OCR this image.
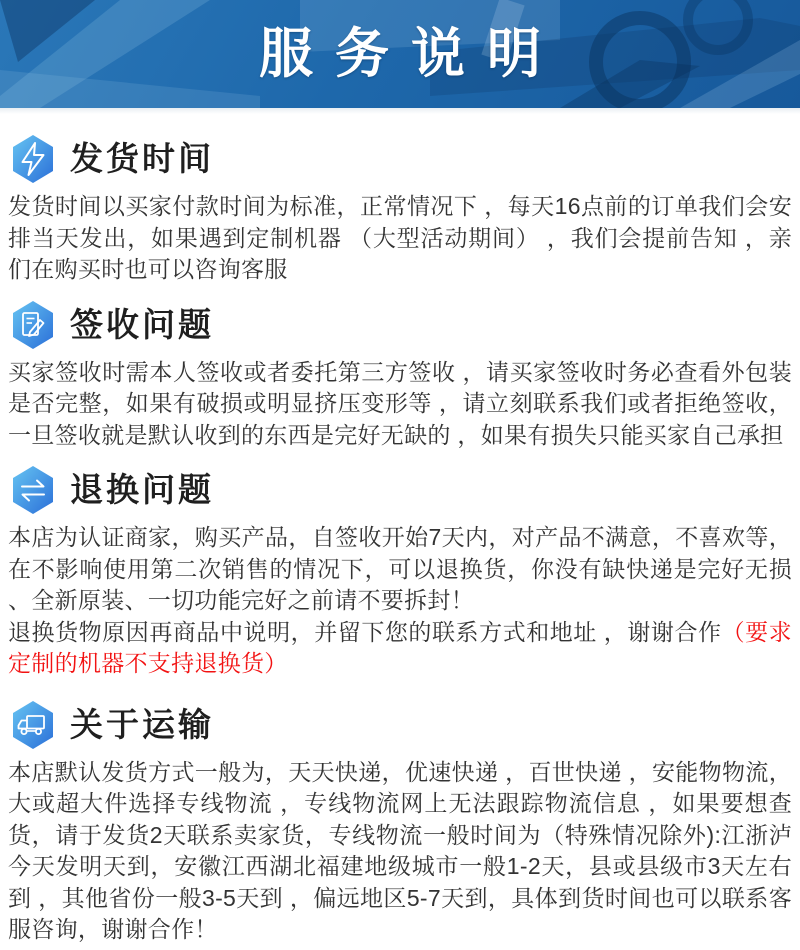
服务说明
发货时间

发货时间以买家付款时间为标准，正常情况下 ，每天16点前的订单我们会安排当天发出，如果遇到定制机器 （大型活动期间） ，我们会提前告知 ，亲们在购买时也可以咨询客服

签收问题

买家签收时需本人签收或者委托第三方签收 ，请买家签收时务必查看外包装是否完整，如果有破损或明显挤压变形等 ，请立刻联系我们或者拒绝签收，一旦签收就是默认收到的东西是完好无缺的 ，如果有损失只能买家自己承担

退换问题

本店为认证商家，购买产品，自签收开始7天内，对产品不满意，不喜欢等，在不影响使用第二次销售的情况下，可以退换货，你没有缺快递是完好无损 、全新原装、一切功能完好之前请不要拆封！

退换货物原因再商品中说明，并留下您的联系方式和地址 ，谢谢合作（要求定制的机器不支持退换货）

关于运输

本店默认发货方式一般为，天天快递，优速快递 ，百世快递 ，安能物物流，大或超大件选择专线物流 ，专线物流网上无法跟踪物流信息 ，如果要想查货，请于发货2天联系卖家货，专线物流一般时间为（特殊情况除外):江浙泸今天发明天到，安徽江西湖北福建地级城市一般1-2天，县或县级市3天左右到 ，其他省份一般3-5天到 ，偏远地区5-7天到，具体到货时间也可以联系客服咨询，谢谢合作！
